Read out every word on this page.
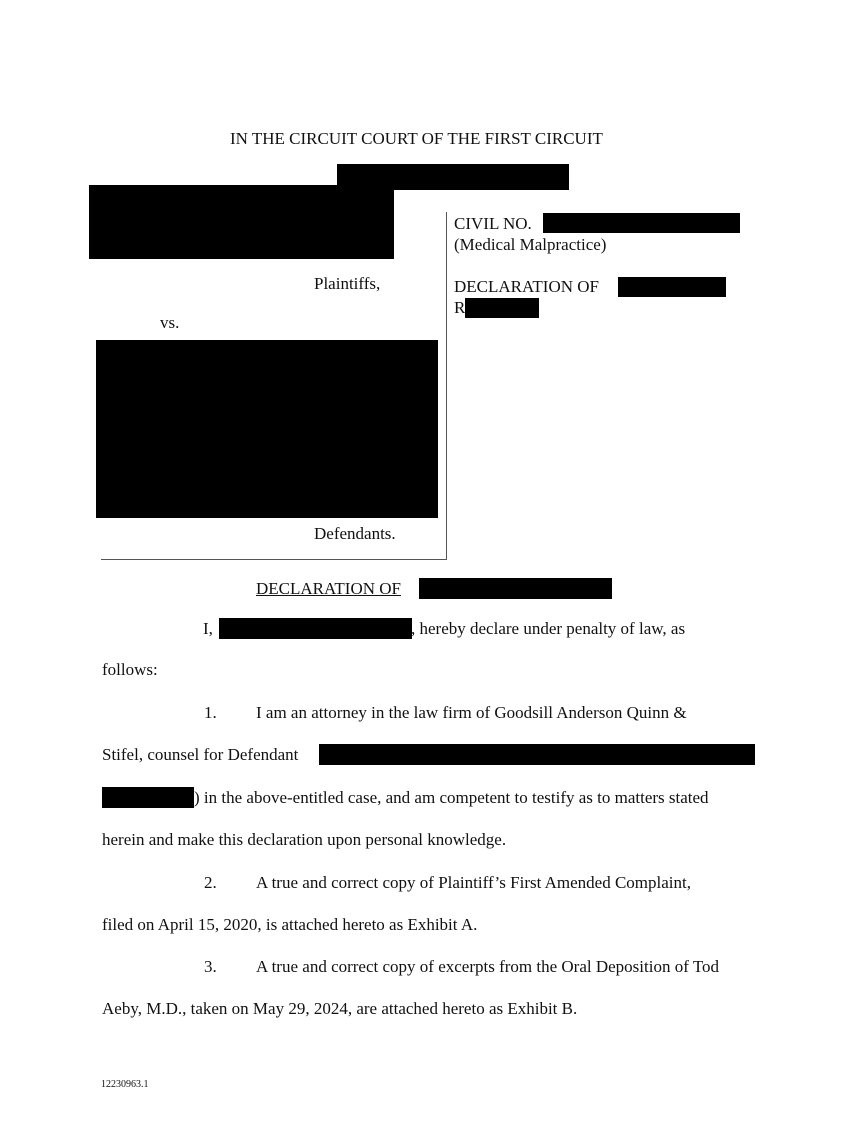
IN THE CIRCUIT COURT OF THE FIRST CIRCUIT
Plaintiffs,
vs.
Defendants.
CIVIL NO.
(Medical Malpractice)
DECLARATION OF
R
DECLARATION OF
I,	, hereby declare under penalty of law, as
follows:
1. I am an attorney in the law firm of Goodsill Anderson Quinn &
Stifel, counsel for Defendant
) in the above-entitled case, and am competent to testify as to matters stated
herein and make this declaration upon personal knowledge.
2. A true and correct copy of Plaintiff’s First Amended Complaint,
filed on April 15, 2020, is attached hereto as Exhibit A.
3. A true and correct copy of excerpts from the Oral Deposition of Tod
Aeby, M.D., taken on May 29, 2024, are attached hereto as Exhibit B.
12230963.1
